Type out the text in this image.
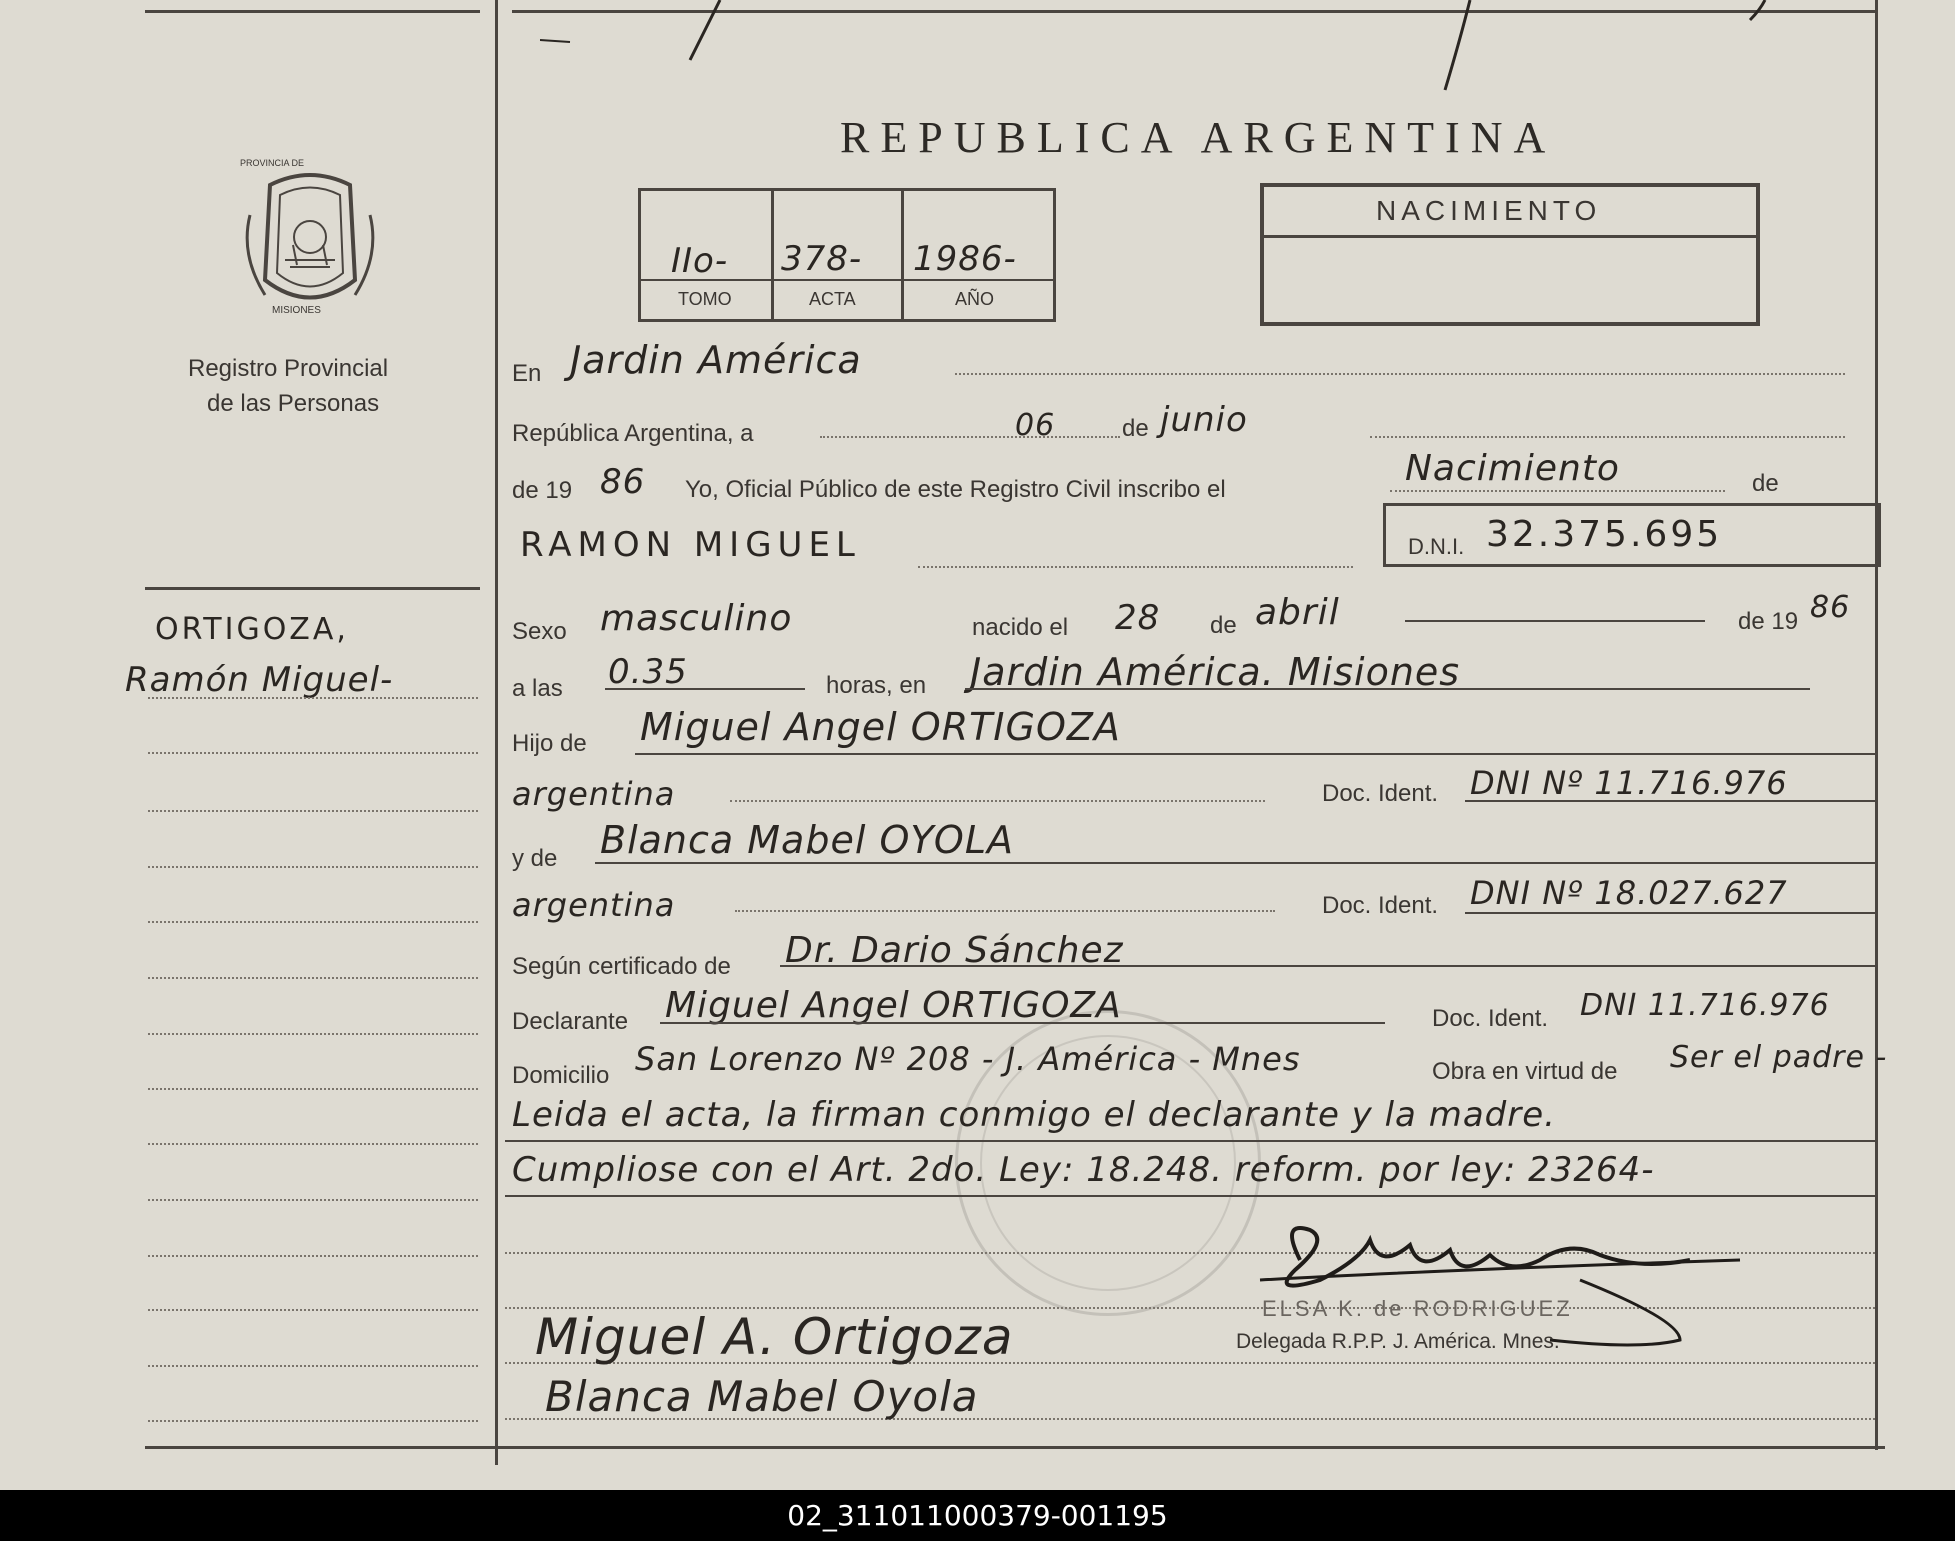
PROVINCIA DE
MISIONES
Registro Provincial
de las Personas
ORTIGOZA,
Ramón Miguel-
REPUBLICA ARGENTINA
IIo- 378- 1986-
TOMO	ACTA	AÑO
NACIMIENTO
En Jardin América
República Argentina, a	06	de junio
de 19 86 Yo, Oficial Público de este Registro Civil inscribo el
Nacimiento	de
RAMON MIGUEL	D.N.I. 32.375.695
Sexo masculino	nacido el 28 de abril	de 19 86
a las 0.35	horas, en Jardin América. Misiones
Hijo de Miguel Angel ORTIGOZA
argentina	Doc. Ident. DNI Nº 11.716.976
y de Blanca Mabel OYOLA
argentina	Doc. Ident. DNI Nº 18.027.627
Según certificado de Dr. Dario Sánchez
Declarante Miguel Angel ORTIGOZA	Doc. Ident. DNI 11.716.976
Domicilio San Lorenzo Nº 208 - J. América - Mnes	Obra en virtud de Ser el padre -
Leida el acta, la firman conmigo el declarante y la madre.
Cumpliose con el Art. 2do. Ley: 18.248. reform. por ley: 23264-
ELSA K. de RODRIGUEZ
Delegada R.P.P. J. América. Mnes.
Miguel A. Ortigoza
Blanca Mabel Oyola
02_311011000379-001195
